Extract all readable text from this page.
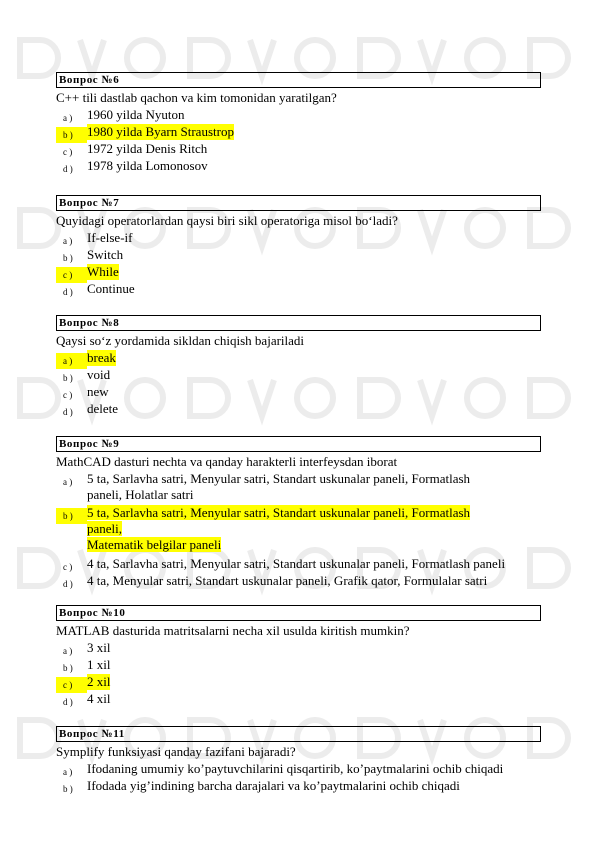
Вопрос №6
C++ tili dastlab qachon va kim tomonidan yaratilgan?
a )	1960 yilda Nyuton
b )	1980 yilda Byarn Straustrop
c )	1972 yilda Denis Ritch
d )	1978 yilda Lomonosov
Вопрос №7
Quyidagi operatorlardan qaysi biri sikl operatoriga misol bo‘ladi?
a )	If-else-if
b )	Switch
c )	While
d )	Continue
Вопрос №8
Qaysi so‘z yordamida sikldan chiqish bajariladi
a )	break
b )	void
c )	new
d )	delete
Вопрос №9
MathCAD dasturi nechta va qanday harakterli interfeysdan iborat
a )	5 ta, Sarlavha satri, Menyular satri, Standart uskunalar paneli, Formatlash paneli, Holatlar satri
b )	5 ta, Sarlavha satri, Menyular satri, Standart uskunalar paneli, Formatlash paneli,
Matematik belgilar paneli
c )	4 ta, Sarlavha satri, Menyular satri, Standart uskunalar paneli, Formatlash paneli
d )	4 ta, Menyular satri, Standart uskunalar paneli, Grafik qator, Formulalar satri
Вопрос №10
MATLAB dasturida matritsalarni necha xil usulda kiritish mumkin?
a )	3 xil
b )	1 xil
c )	2 xil
d )	4 xil
Вопрос №11
Symplify funksiyasi qanday fazifani bajaradi?
a )	Ifodaning umumiy ko’paytuvchilarini qisqartirib, ko’paytmalarini ochib chiqadi
b )	Ifodada yig’indining barcha darajalari va ko’paytmalarini ochib chiqadi
